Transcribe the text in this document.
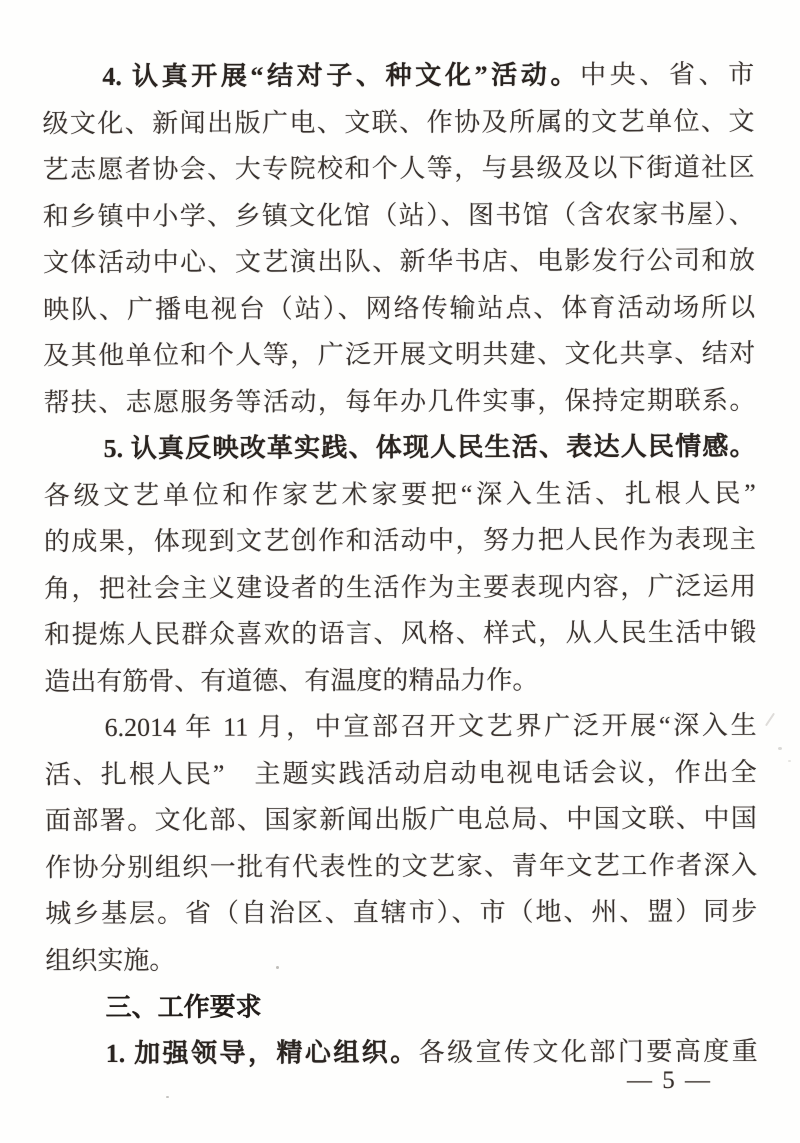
4. 认真开展“结对子、种文化”活动。中央、省、市
级文化、新闻出版广电、文联、作协及所属的文艺单位、文
艺志愿者协会、大专院校和个人等，与县级及以下街道社区
和乡镇中小学、乡镇文化馆（站）、图书馆（含农家书屋）、
文体活动中心、文艺演出队、新华书店、电影发行公司和放
映队、广播电视台（站）、网络传输站点、体育活动场所以
及其他单位和个人等，广泛开展文明共建、文化共享、结对
帮扶、志愿服务等活动，每年办几件实事，保持定期联系。
5. 认真反映改革实践、体现人民生活、表达人民情感。
各级文艺单位和作家艺术家要把“深入生活、扎根人民”
的成果，体现到文艺创作和活动中，努力把人民作为表现主
角，把社会主义建设者的生活作为主要表现内容，广泛运用
和提炼人民群众喜欢的语言、风格、样式，从人民生活中锻
造出有筋骨、有道德、有温度的精品力作。
6.2014 年 11 月，中宣部召开文艺界广泛开展“深入生
活、扎根人民”　主题实践活动启动电视电话会议，作出全
面部署。文化部、国家新闻出版广电总局、中国文联、中国
作协分别组织一批有代表性的文艺家、青年文艺工作者深入
城乡基层。省（自治区、直辖市）、市（地、州、盟）同步
组织实施。
三、工作要求
1. 加强领导，精心组织。各级宣传文化部门要高度重
— 5 —
